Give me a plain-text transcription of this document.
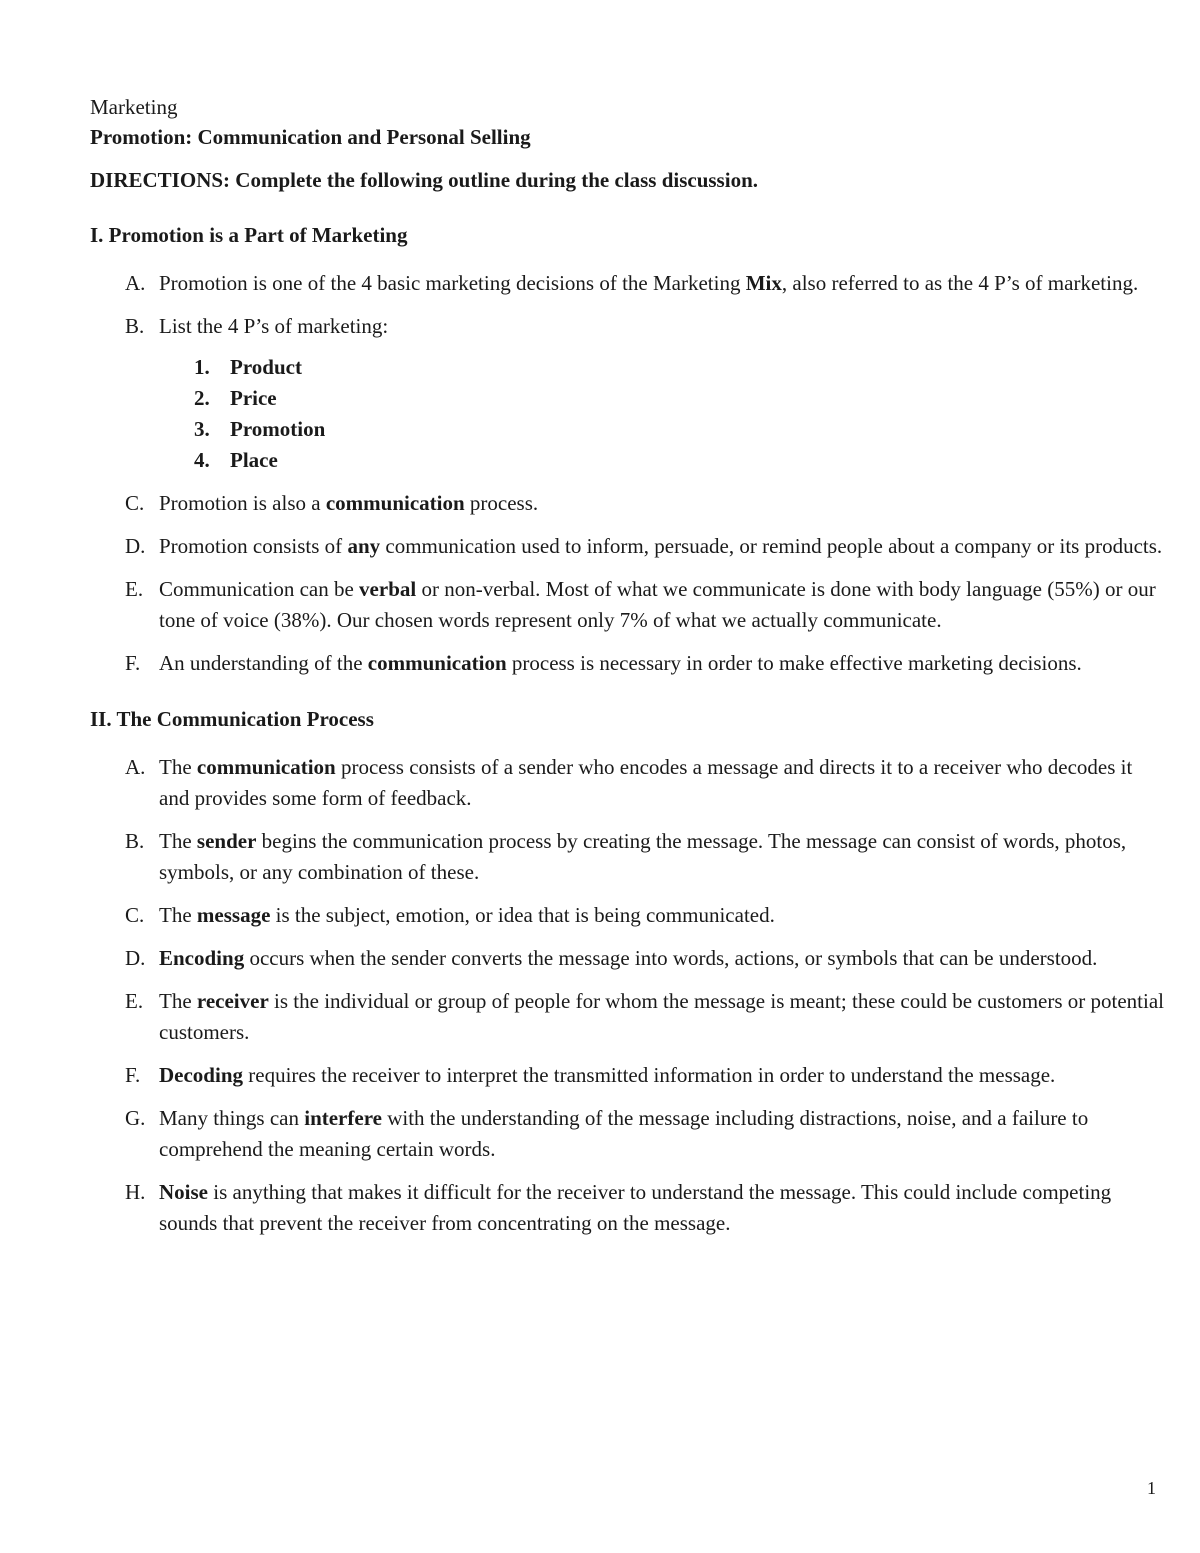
Marketing
Promotion: Communication and Personal Selling
DIRECTIONS: Complete the following outline during the class discussion.
I. Promotion is a Part of Marketing
A. Promotion is one of the 4 basic marketing decisions of the Marketing Mix, also referred to as the 4 P’s of marketing.
B. List the 4 P’s of marketing:
1. Product
2. Price
3. Promotion
4. Place
C. Promotion is also a communication process.
D. Promotion consists of any communication used to inform, persuade, or remind people about a company or its products.
E. Communication can be verbal or non-verbal. Most of what we communicate is done with body language (55%) or our tone of voice (38%). Our chosen words represent only 7% of what we actually communicate.
F. An understanding of the communication process is necessary in order to make effective marketing decisions.
II. The Communication Process
A. The communication process consists of a sender who encodes a message and directs it to a receiver who decodes it and provides some form of feedback.
B. The sender begins the communication process by creating the message. The message can consist of words, photos, symbols, or any combination of these.
C. The message is the subject, emotion, or idea that is being communicated.
D. Encoding occurs when the sender converts the message into words, actions, or symbols that can be understood.
E. The receiver is the individual or group of people for whom the message is meant; these could be customers or potential customers.
F. Decoding requires the receiver to interpret the transmitted information in order to understand the message.
G. Many things can interfere with the understanding of the message including distractions, noise, and a failure to comprehend the meaning certain words.
H. Noise is anything that makes it difficult for the receiver to understand the message. This could include competing sounds that prevent the receiver from concentrating on the message.
1
